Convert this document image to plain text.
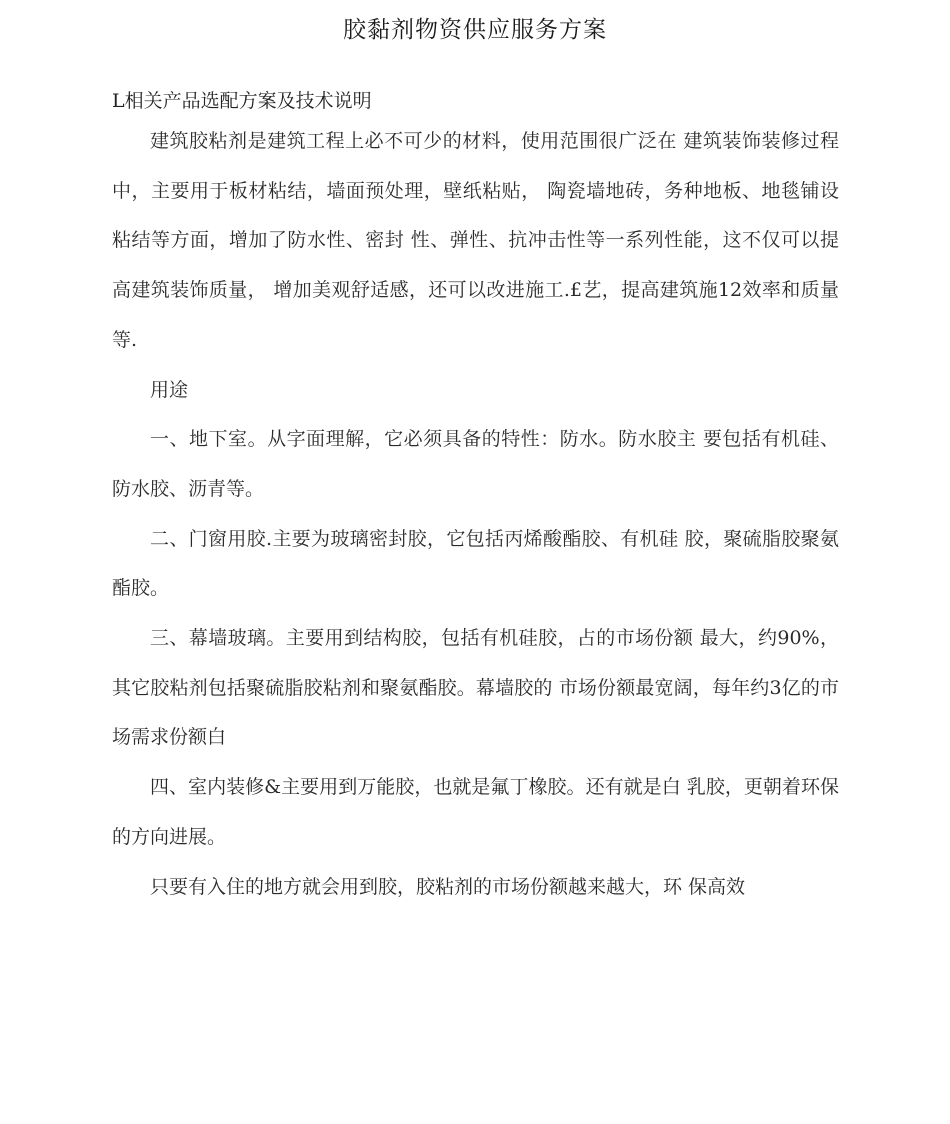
胶黏剂物资供应服务方案
L相关产品选配方案及技术说明

建筑胶粘剂是建筑工程上必不可少的材料，使用范围很广泛在 建筑装饰装修过程中，主要用于板材粘结，墙面预处理，壁纸粘贴， 陶瓷墙地砖，务种地板、地毯铺设粘结等方面，增加了防水性、密封 性、弹性、抗冲击性等一系列性能，这不仅可以提高建筑装饰质量， 增加美观舒适感，还可以改进施工.£艺，提高建筑施12效率和质量等.

用途

一、地下室。从字面理解，它必须具备的特性：防水。防水胶主 要包括有机硅、防水胶、沥青等。

二、门窗用胶.主要为玻璃密封胶，它包括丙烯酸酯胶、有机硅 胶，聚硫脂胶聚氨酯胶。

三、幕墙玻璃。主要用到结构胶，包括有机硅胶，占的市场份额 最大，约90%，其它胶粘剂包括聚硫脂胶粘剂和聚氨酯胶。幕墙胶的 市场份额最宽阔，每年约3亿的市场需求份额白

四、室内装修&主要用到万能胶，也就是氟丁橡胶。还有就是白 乳胶，更朝着环保的方向进展。

只要有入住的地方就会用到胶，胶粘剂的市场份额越来越大，环 保高效
